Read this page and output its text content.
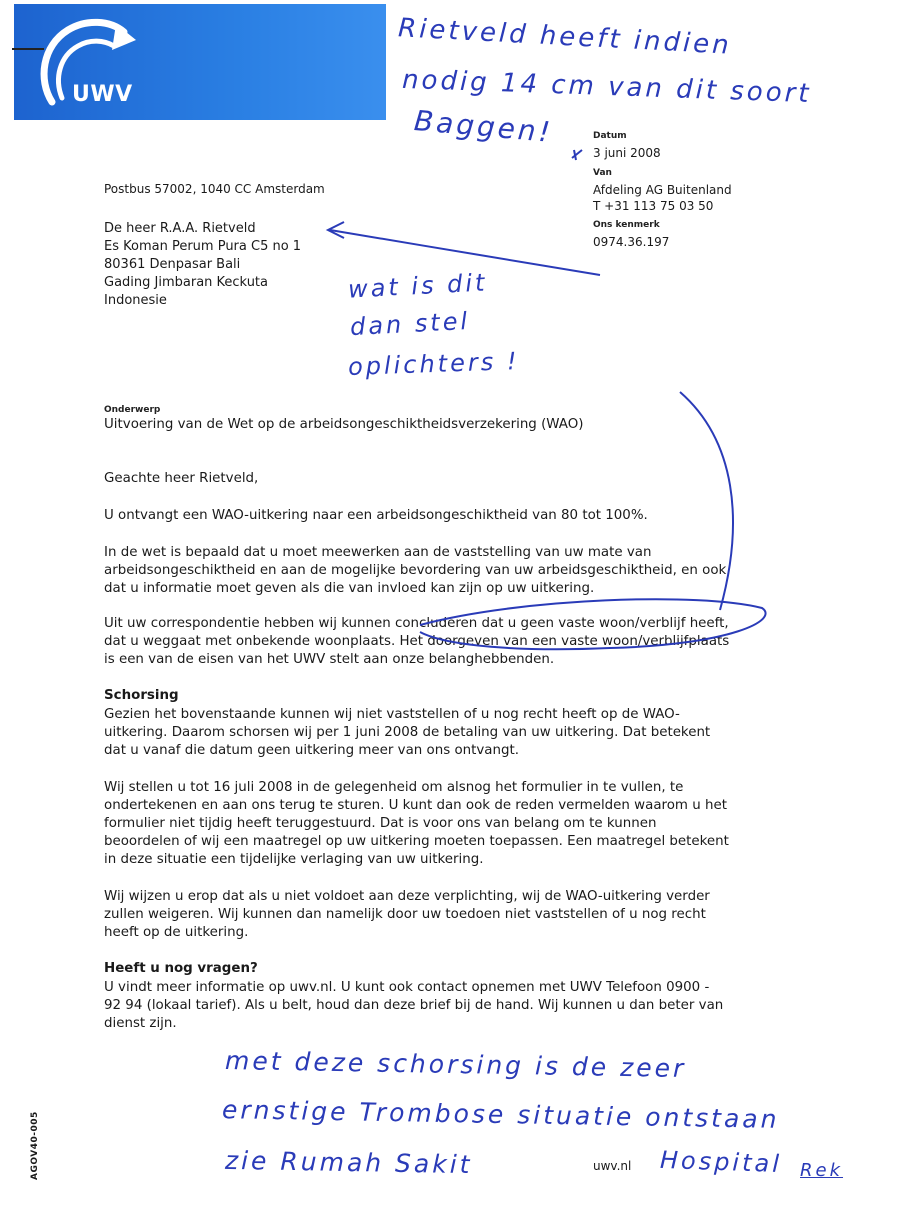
UWV
Datum
3 juni 2008
Van
Afdeling AG Buitenland
T +31 113 75 03 50
Ons kenmerk
0974.36.197
Postbus 57002, 1040 CC Amsterdam
De heer R.A.A. Rietveld
Es Koman Perum Pura C5 no 1
80361 Denpasar Bali
Gading Jimbaran Keckuta
Indonesie
Onderwerp
Uitvoering van de Wet op de arbeidsongeschiktheidsverzekering (WAO)
Geachte heer Rietveld,
U ontvangt een WAO-uitkering naar een arbeidsongeschiktheid van 80 tot 100%.
In de wet is bepaald dat u moet meewerken aan de vaststelling van uw mate van
arbeidsongeschiktheid en aan de mogelijke bevordering van uw arbeidsgeschiktheid, en ook
dat u informatie moet geven als die van invloed kan zijn op uw uitkering.
Uit uw correspondentie hebben wij kunnen concluderen dat u geen vaste woon/verblijf heeft,
dat u weggaat met onbekende woonplaats. Het doorgeven van een vaste woon/verblijfplaats
is een van de eisen van het UWV stelt aan onze belanghebbenden.
Schorsing
Gezien het bovenstaande kunnen wij niet vaststellen of u nog recht heeft op de WAO-
uitkering. Daarom schorsen wij per 1 juni 2008 de betaling van uw uitkering. Dat betekent
dat u vanaf die datum geen uitkering meer van ons ontvangt.
Wij stellen u tot 16 juli 2008 in de gelegenheid om alsnog het formulier in te vullen, te
ondertekenen en aan ons terug te sturen. U kunt dan ook de reden vermelden waarom u het
formulier niet tijdig heeft teruggestuurd. Dat is voor ons van belang om te kunnen
beoordelen of wij een maatregel op uw uitkering moeten toepassen. Een maatregel betekent
in deze situatie een tijdelijke verlaging van uw uitkering.
Wij wijzen u erop dat als u niet voldoet aan deze verplichting, wij de WAO-uitkering verder
zullen weigeren. Wij kunnen dan namelijk door uw toedoen niet vaststellen of u nog recht
heeft op de uitkering.
Heeft u nog vragen?
U vindt meer informatie op uwv.nl. U kunt ook contact opnemen met UWV Telefoon 0900 -
92 94 (lokaal tarief). Als u belt, houd dan deze brief bij de hand. Wij kunnen u dan beter van
dienst zijn.
uwv.nl
AGOV40-005
Rietveld heeft indien
nodig 14 cm van dit soort
Baggen!
wat is dit
dan stel
oplichters !
met deze schorsing is de zeer
ernstige Trombose situatie ontstaan
zie Rumah Sakit	Hospital Rek
